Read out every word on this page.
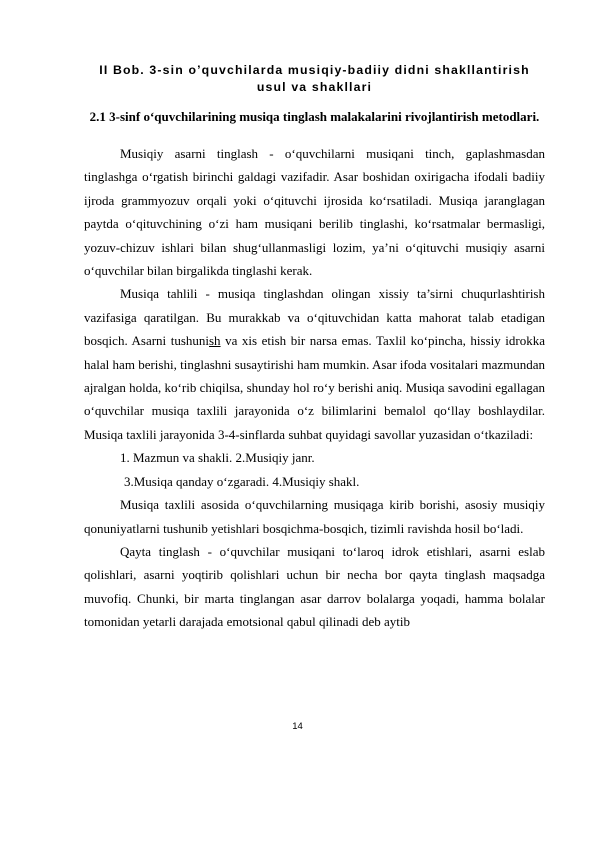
II Bob. 3-sin o’quvchilarda musiqiy-badiiy didni shakllantirish usul va shakllari
2.1 3-sinf o‘quvchilarining musiqa tinglash malakalarini rivojlantirish metodlari.

Musiqiy asarni tinglash - o‘quvchilarni musiqani tinch, gaplashmasdan tinglashga o‘rgatish birinchi galdagi vazifadir. Asar boshidan oxirigacha ifodali badiiy ijroda grammyozuv orqali yoki o‘qituvchi ijrosida ko‘rsatiladi. Musiqa jaranglagan paytda o‘qituvchining o‘zi ham musiqani berilib tinglashi, ko‘rsatmalar bermasligi, yozuv-chizuv ishlari bilan shug‘ullanmasligi lozim, ya’ni o‘qituvchi musiqiy asarni o‘quvchilar bilan birgalikda tinglashi kerak.

Musiqa tahlili - musiqa tinglashdan olingan xissiy ta’sirni chuqurlashtirish vazifasiga qaratilgan. Bu murakkab va o‘qituvchidan katta mahorat talab etadigan bosqich. Asarni tushunish va xis etish bir narsa emas. Taxlil ko‘pincha, hissiy idrokka halal ham berishi, tinglashni susaytirishi ham mumkin. Asar ifoda vositalari mazmundan ajralgan holda, ko‘rib chiqilsa, shunday hol ro‘y berishi aniq. Musiqa savodini egallagan o‘quvchilar musiqa taxlili jarayonida o‘z bilimlarini bemalol qo‘llay boshlaydilar. Musiqa taxlili jarayonida 3-4-sinflarda suhbat quyidagi savollar yuzasidan o‘tkaziladi:

1. Mazmun va shakli. 2.Musiqiy janr.

3.Musiqa qanday o‘zgaradi. 4.Musiqiy shakl.

Musiqa taxlili asosida o‘quvchilarning musiqaga kirib borishi, asosiy musiqiy qonuniyatlarni tushunib yetishlari bosqichma-bosqich, tizimli ravishda hosil bo‘ladi.

Qayta tinglash - o‘quvchilar musiqani to‘laroq idrok etishlari, asarni eslab qolishlari, asarni yoqtirib qolishlari uchun bir necha bor qayta tinglash maqsadga muvofiq. Chunki, bir marta tinglangan asar darrov bolalarga yoqadi, hamma bolalar tomonidan yetarli darajada emotsional qabul qilinadi deb aytib

14
